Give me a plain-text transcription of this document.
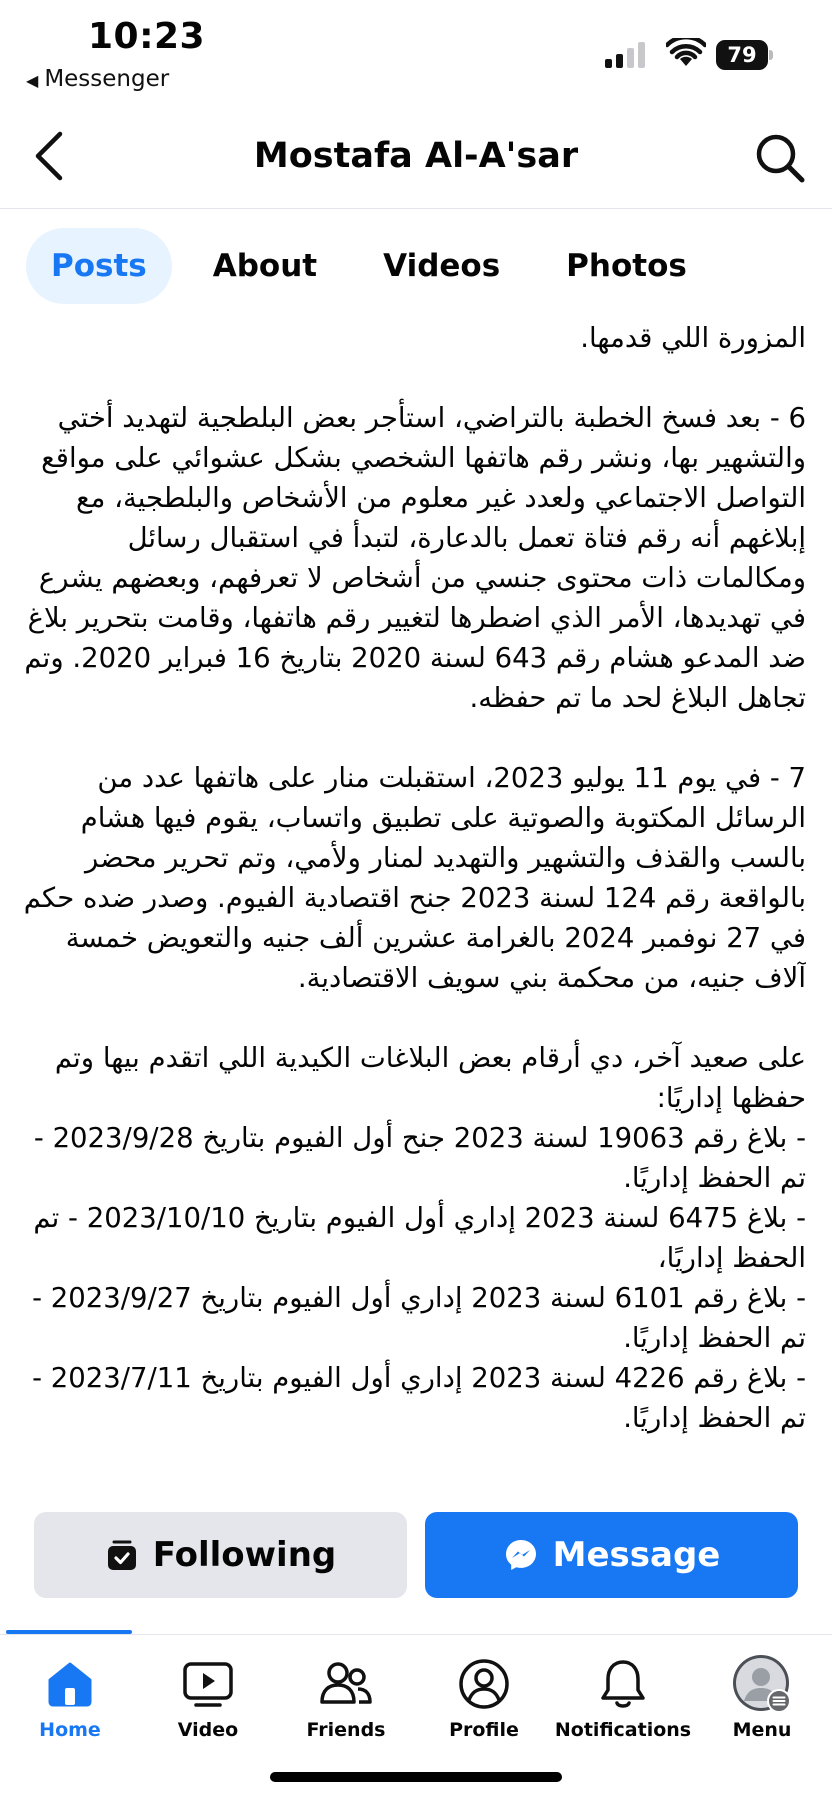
10:23
◀ Messenger
79
Mostafa Al-A'sar
Posts	About	Videos	Photos

المزورة اللي قدمها.

6 - بعد فسخ الخطبة بالتراضي، استأجر بعض البلطجية لتهديد أختي والتشهير بها، ونشر رقم هاتفها الشخصي بشكل عشوائي على مواقع التواصل الاجتماعي ولعدد غير معلوم من الأشخاص والبلطجية، مع إبلاغهم أنه رقم فتاة تعمل بالدعارة، لتبدأ في استقبال رسائل ومكالمات ذات محتوى جنسي من أشخاص لا تعرفهم، وبعضهم يشرع في تهديدها، الأمر الذي اضطرها لتغيير رقم هاتفها، وقامت بتحرير بلاغ ضد المدعو هشام رقم 643 لسنة 2020 بتاريخ 16 فبراير 2020. وتم تجاهل البلاغ لحد ما تم حفظه.

7 - في يوم 11 يوليو 2023، استقبلت منار على هاتفها عدد من الرسائل المكتوبة والصوتية على تطبيق واتساب، يقوم فيها هشام بالسب والقذف والتشهير والتهديد لمنار ولأمي، وتم تحرير محضر بالواقعة رقم 124 لسنة 2023 جنح اقتصادية الفيوم. وصدر ضده حكم في 27 نوفمبر 2024 بالغرامة عشرين ألف جنيه والتعويض خمسة آلاف جنيه، من محكمة بني سويف الاقتصادية.

على صعيد آخر، دي أرقام بعض البلاغات الكيدية اللي اتقدم بيها وتم حفظها إداريًا:

- بلاغ رقم 19063 لسنة 2023 جنح أول الفيوم بتاريخ 2023/9/28 - تم الحفظ إداريًا.
- بلاغ 6475 لسنة 2023 إداري أول الفيوم بتاريخ 2023/10/10 - تم الحفظ إداريًا،
- بلاغ رقم 6101 لسنة 2023 إداري أول الفيوم بتاريخ 2023/9/27 - تم الحفظ إداريًا.
- بلاغ رقم 4226 لسنة 2023 إداري أول الفيوم بتاريخ 2023/7/11 - تم الحفظ إداريًا.
Following	Message
Home	Video	Friends	Profile	Notifications	Menu
